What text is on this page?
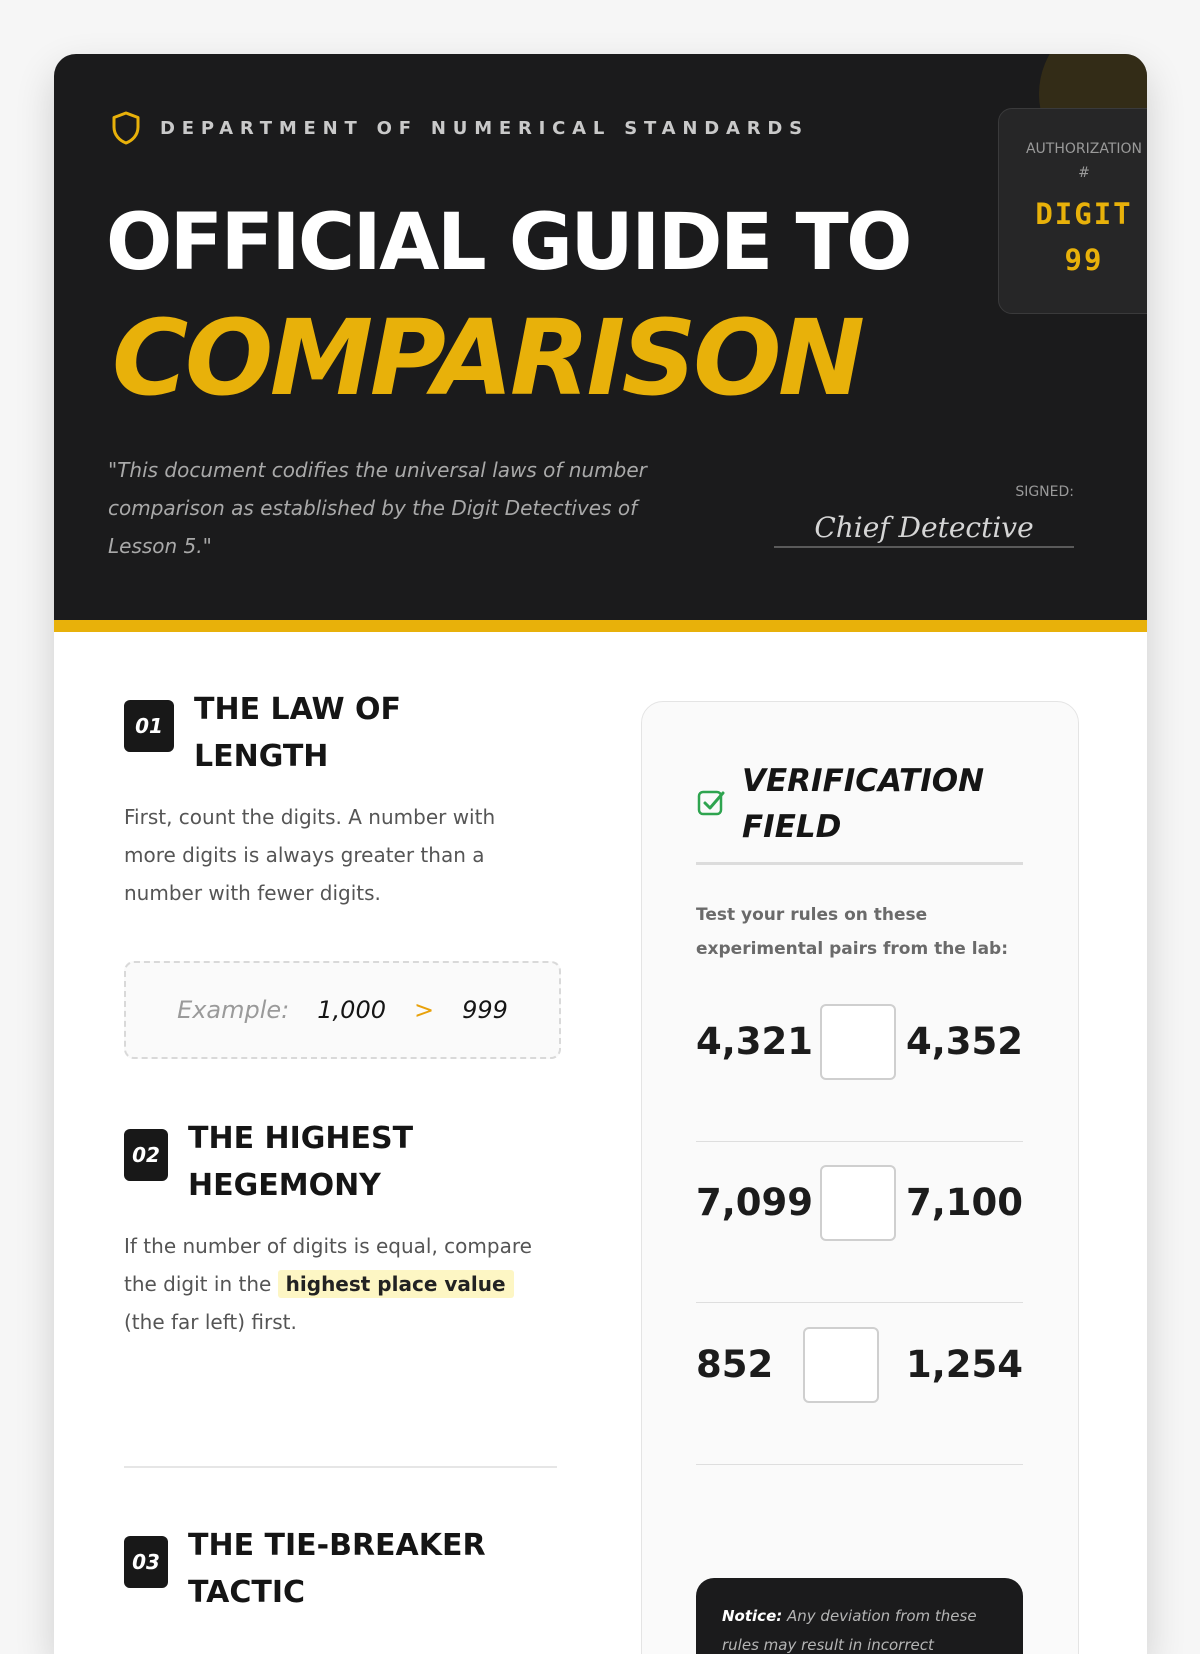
DEPARTMENT OF NUMERICAL STANDARDS
OFFICIAL GUIDE TO
COMPARISON
AUTHORIZATION
#
DIGIT
99
"This document codifies the universal laws of number comparison as established by the Digit Detectives of Lesson 5."
SIGNED:
Chief Detective
01	THE LAW OF LENGTH
First, count the digits. A number with more digits is always greater than a number with fewer digits.
Example: 1,000 > 999
02 THE HIGHEST HEGEMONY
If the number of digits is equal, compare the digit in the highest place value (the far left) first.
03 THE TIE-BREAKER TACTIC
VERIFICATION FIELD
Test your rules on these experimental pairs from the lab:
4,321	4,352
7,099	7,100
852	1,254
Notice: Any deviation from these rules may result in incorrect
